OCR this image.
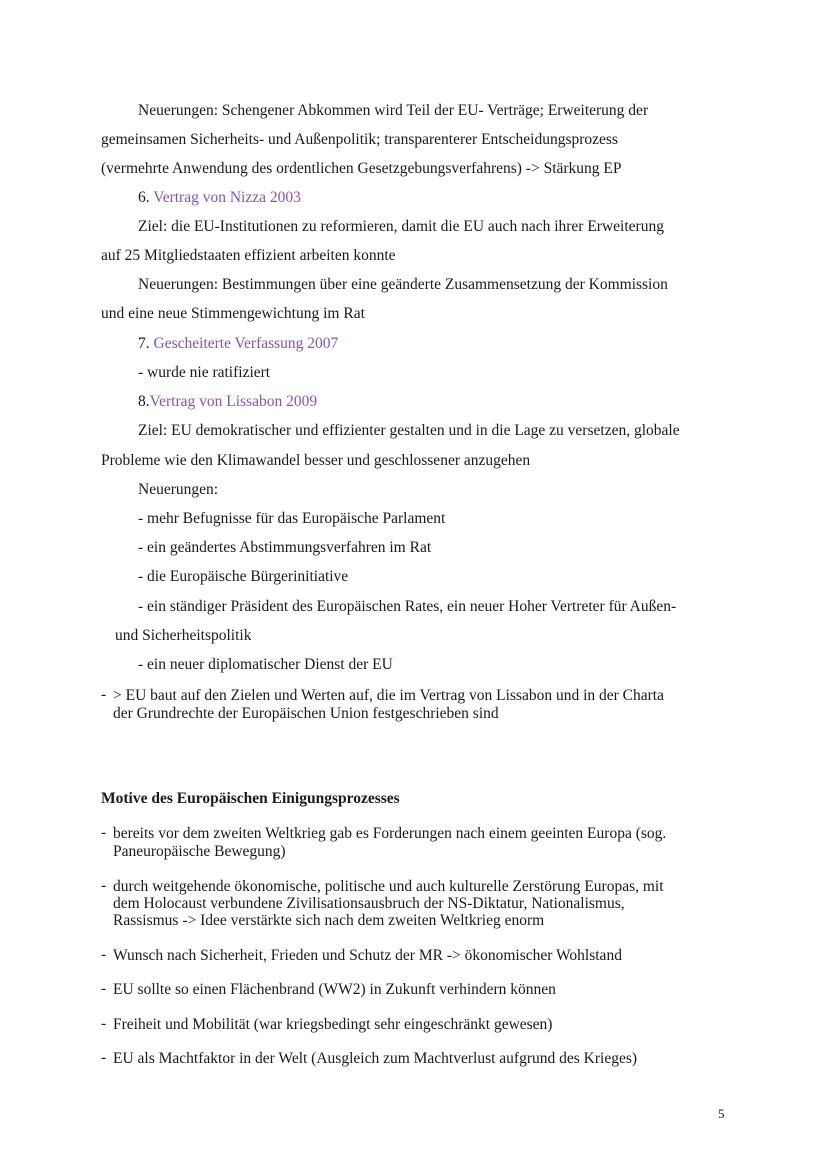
Neuerungen: Schengener Abkommen wird Teil der EU- Verträge; Erweiterung der
gemeinsamen Sicherheits- und Außenpolitik; transparenterer Entscheidungsprozess
(vermehrte Anwendung des ordentlichen Gesetzgebungsverfahrens) -> Stärkung EP
6. Vertrag von Nizza 2003
Ziel: die EU-Institutionen zu reformieren, damit die EU auch nach ihrer Erweiterung
auf 25 Mitgliedstaaten effizient arbeiten konnte
Neuerungen: Bestimmungen über eine geänderte Zusammensetzung der Kommission
und eine neue Stimmengewichtung im Rat
7. Gescheiterte Verfassung 2007
- wurde nie ratifiziert
8.Vertrag von Lissabon 2009
Ziel: EU demokratischer und effizienter gestalten und in die Lage zu versetzen, globale
Probleme wie den Klimawandel besser und geschlossener anzugehen
Neuerungen:
- mehr Befugnisse für das Europäische Parlament
- ein geändertes Abstimmungsverfahren im Rat
- die Europäische Bürgerinitiative
- ein ständiger Präsident des Europäischen Rates, ein neuer Hoher Vertreter für Außen-
und Sicherheitspolitik
- ein neuer diplomatischer Dienst der EU
- > EU baut auf den Zielen und Werten auf, die im Vertrag von Lissabon und in der Charta
der Grundrechte der Europäischen Union festgeschrieben sind
Motive des Europäischen Einigungsprozesses
- bereits vor dem zweiten Weltkrieg gab es Forderungen nach einem geeinten Europa (sog.
Paneuropäische Bewegung)
- durch weitgehende ökonomische, politische und auch kulturelle Zerstörung Europas, mit
dem Holocaust verbundene Zivilisationsausbruch der NS-Diktatur, Nationalismus,
Rassismus -> Idee verstärkte sich nach dem zweiten Weltkrieg enorm
- Wunsch nach Sicherheit, Frieden und Schutz der MR -> ökonomischer Wohlstand
- EU sollte so einen Flächenbrand (WW2) in Zukunft verhindern können
- Freiheit und Mobilität (war kriegsbedingt sehr eingeschränkt gewesen)
- EU als Machtfaktor in der Welt (Ausgleich zum Machtverlust aufgrund des Krieges)
5
